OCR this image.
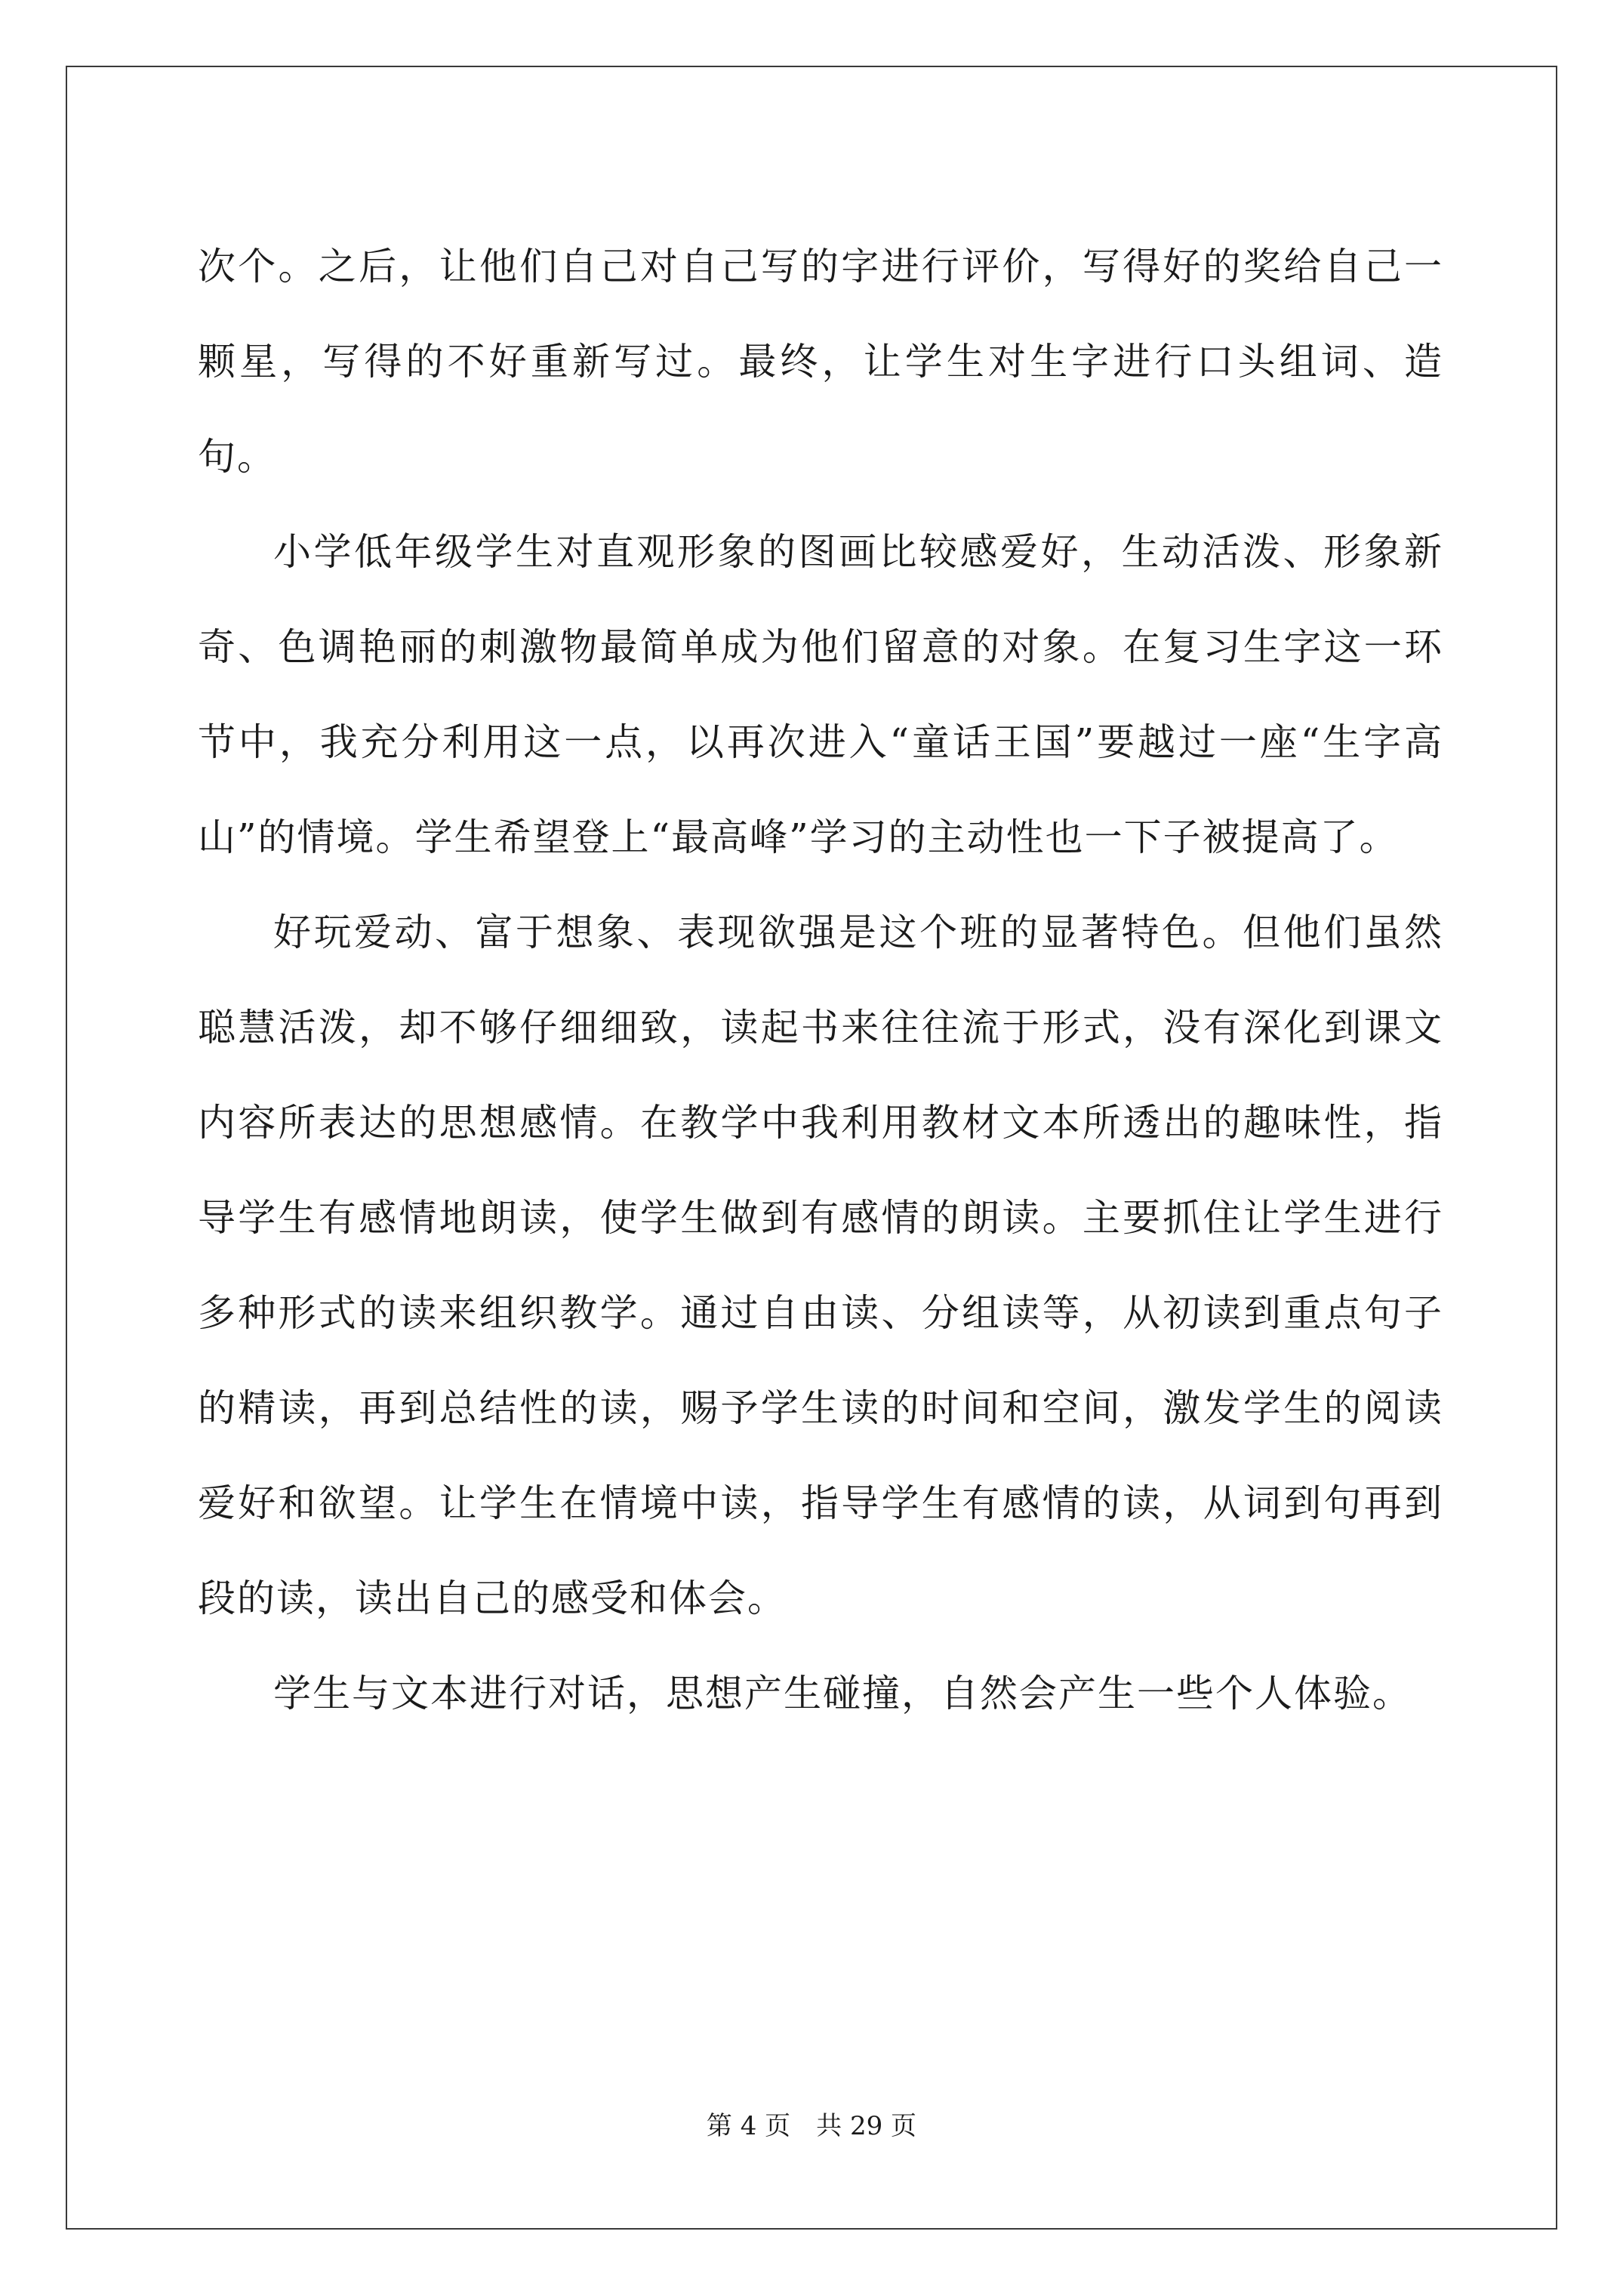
次个。之后，让他们自己对自己写的字进行评价，写得好的奖给自己一颗星，写得的不好重新写过。最终，让学生对生字进行口头组词、造句。

小学低年级学生对直观形象的图画比较感爱好，生动活泼、形象新奇、色调艳丽的刺激物最简单成为他们留意的对象。在复习生字这一环节中，我充分利用这一点，以再次进入“童话王国”要越过一座“生字高山”的情境。学生希望登上“最高峰”学习的主动性也一下子被提高了。

好玩爱动、富于想象、表现欲强是这个班的显著特色。但他们虽然聪慧活泼，却不够仔细细致，读起书来往往流于形式，没有深化到课文内容所表达的思想感情。在教学中我利用教材文本所透出的趣味性，指导学生有感情地朗读，使学生做到有感情的朗读。主要抓住让学生进行多种形式的读来组织教学。通过自由读、分组读等，从初读到重点句子的精读，再到总结性的读，赐予学生读的时间和空间，激发学生的阅读爱好和欲望。让学生在情境中读，指导学生有感情的读，从词到句再到段的读，读出自己的感受和体会。

学生与文本进行对话，思想产生碰撞，自然会产生一些个人体验。

第 4 页　共 29 页
